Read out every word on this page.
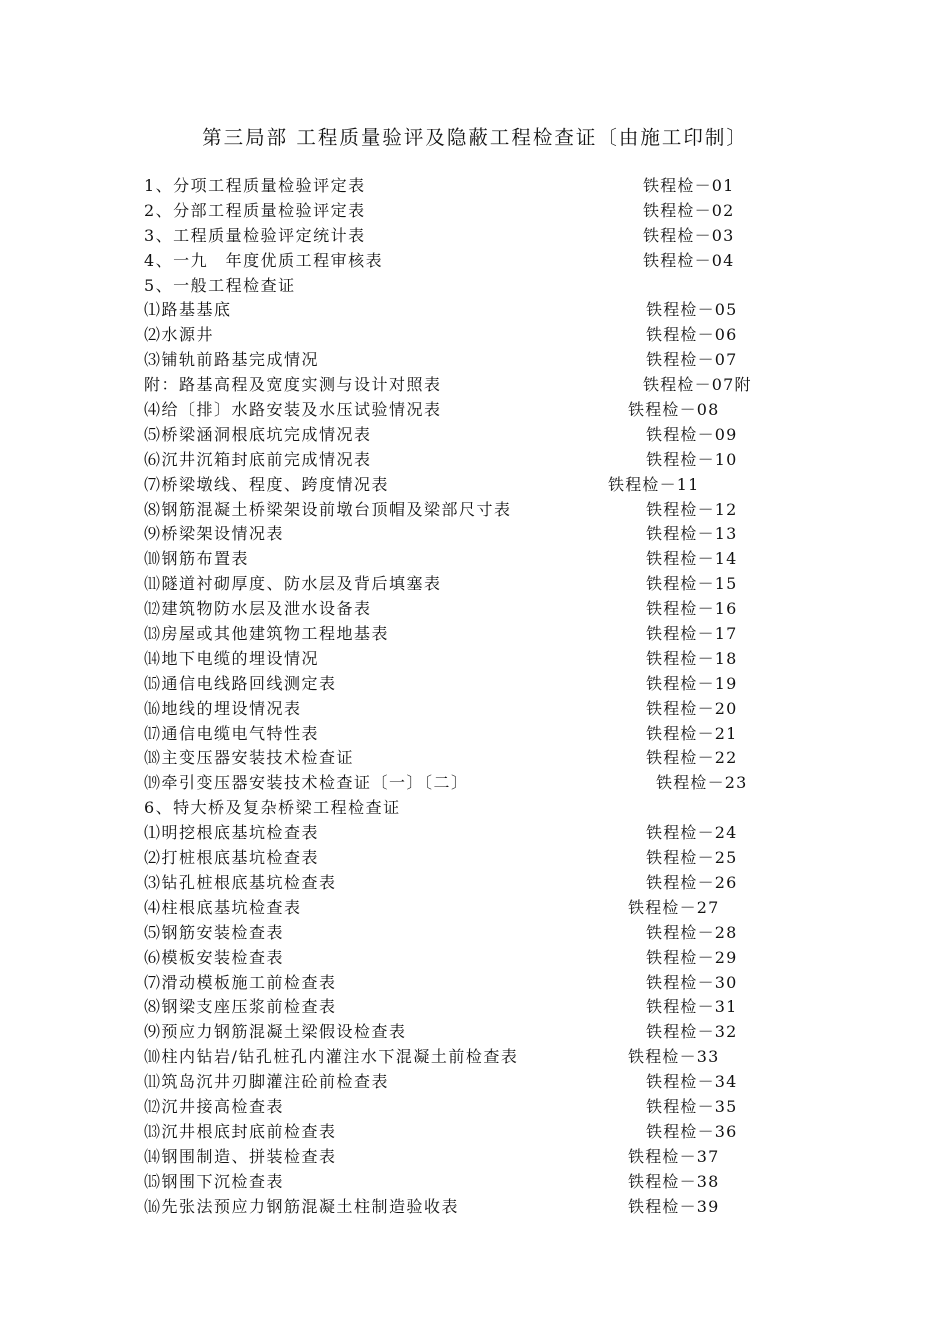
第三局部 工程质量验评及隐蔽工程检查证〔由施工印制〕
1、分项工程质量检验评定表	铁程检－01
2、分部工程质量检验评定表	铁程检－02
3、工程质量检验评定统计表	铁程检－03
4、一九　年度优质工程审核表	铁程检－04
5、一般工程检查证
⑴路基基底	铁程检－05
⑵水源井	铁程检－06
⑶铺轨前路基完成情况	铁程检－07
附：路基高程及宽度实测与设计对照表	铁程检－07附
⑷给〔排〕水路安装及水压试验情况表	铁程检－08
⑸桥梁涵洞根底坑完成情况表	铁程检－09
⑹沉井沉箱封底前完成情况表	铁程检－10
⑺桥梁墩线、程度、跨度情况表	铁程检－11
⑻钢筋混凝土桥梁架设前墩台顶帽及梁部尺寸表	铁程检－12
⑼桥梁架设情况表	铁程检－13
⑽钢筋布置表	铁程检－14
⑾隧道衬砌厚度、防水层及背后填塞表	铁程检－15
⑿建筑物防水层及泄水设备表	铁程检－16
⒀房屋或其他建筑物工程地基表	铁程检－17
⒁地下电缆的埋设情况	铁程检－18
⒂通信电线路回线测定表	铁程检－19
⒃地线的埋设情况表	铁程检－20
⒄通信电缆电气特性表	铁程检－21
⒅主变压器安装技术检查证	铁程检－22
⒆牵引变压器安装技术检查证〔一〕〔二〕	铁程检－23
6、特大桥及复杂桥梁工程检查证
⑴明挖根底基坑检查表	铁程检－24
⑵打桩根底基坑检查表	铁程检－25
⑶钻孔桩根底基坑检查表	铁程检－26
⑷柱根底基坑检查表	铁程检－27
⑸钢筋安装检查表	铁程检－28
⑹模板安装检查表	铁程检－29
⑺滑动模板施工前检查表	铁程检－30
⑻钢梁支座压浆前检查表	铁程检－31
⑼预应力钢筋混凝土梁假设检查表	铁程检－32
⑽柱内钻岩/钻孔桩孔内灌注水下混凝土前检查表	铁程检－33
⑾筑岛沉井刃脚灌注砼前检查表	铁程检－34
⑿沉井接高检查表	铁程检－35
⒀沉井根底封底前检查表	铁程检－36
⒁钢围制造、拼装检查表	铁程检－37
⒂钢围下沉检查表	铁程检－38
⒃先张法预应力钢筋混凝土柱制造验收表	铁程检－39
